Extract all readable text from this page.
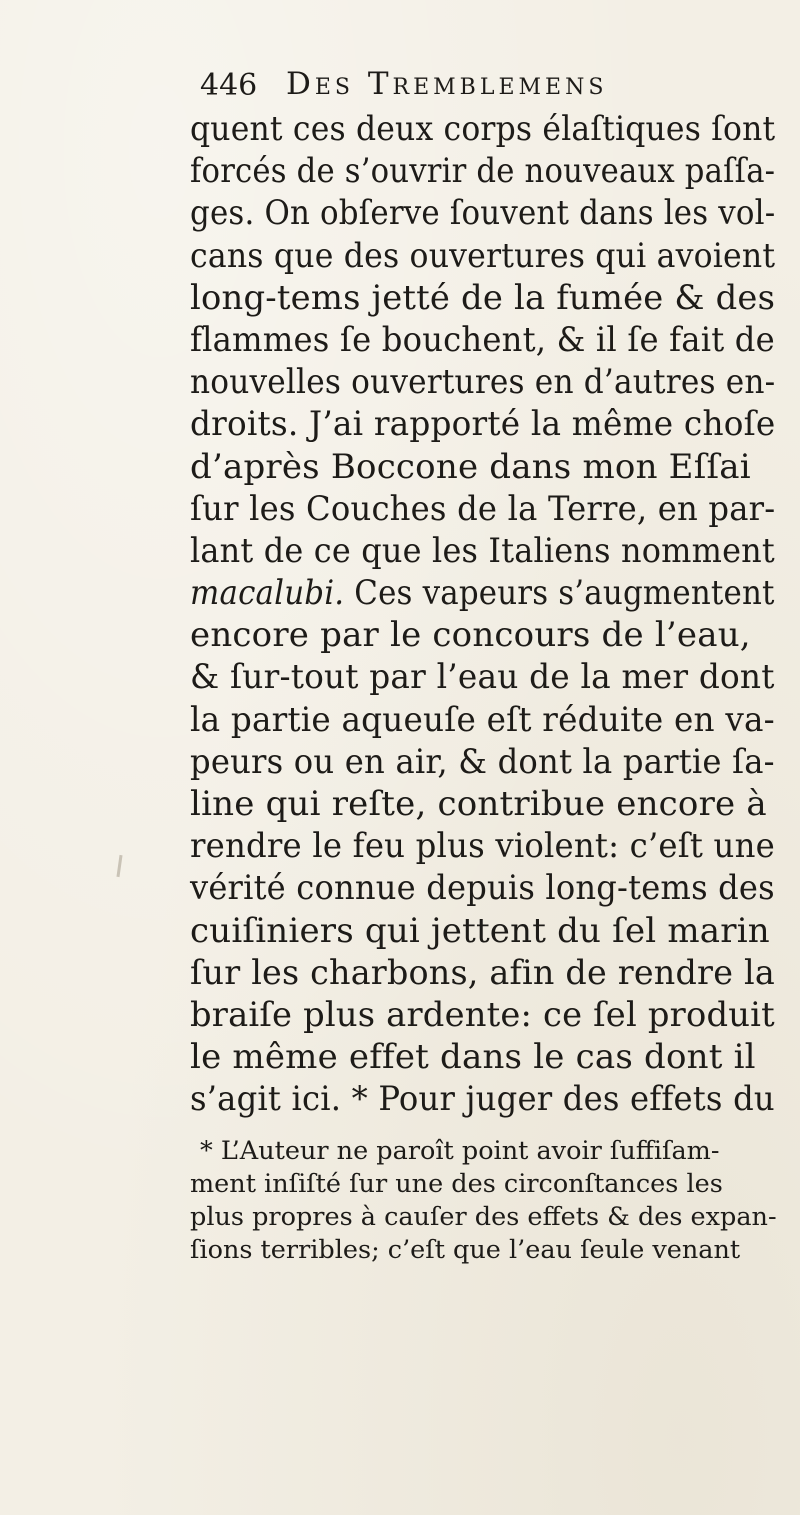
446 Des Tremblemens
quent ces deux corps élaſtiques ſont
forcés de s’ouvrir de nouveaux paſſa-
ges. On obſerve ſouvent dans les vol-
cans que des ouvertures qui avoient
long-tems jetté de la fumée & des
flammes ſe bouchent, & il ſe fait de
nouvelles ouvertures en d’autres en-
droits. J’ai rapporté la même choſe
d’après Boccone dans mon Eſſai
ſur les Couches de la Terre, en par-
lant de ce que les Italiens nomment
macalubi. Ces vapeurs s’augmentent
encore par le concours de l’eau,
& ſur-tout par l’eau de la mer dont
la partie aqueuſe eſt réduite en va-
peurs ou en air, & dont la partie ſa-
line qui reſte, contribue encore à
rendre le feu plus violent: c’eſt une
vérité connue depuis long-tems des
cuiſiniers qui jettent du ſel marin
ſur les charbons, afin de rendre la
braiſe plus ardente: ce ſel produit
le même effet dans le cas dont il
s’agit ici. * Pour juger des effets du
* L’Auteur ne paroît point avoir ſuffiſam-
ment inſiſté ſur une des circonſtances les
plus propres à cauſer des effets & des expan-
ſions terribles; c’eſt que l’eau ſeule venant
